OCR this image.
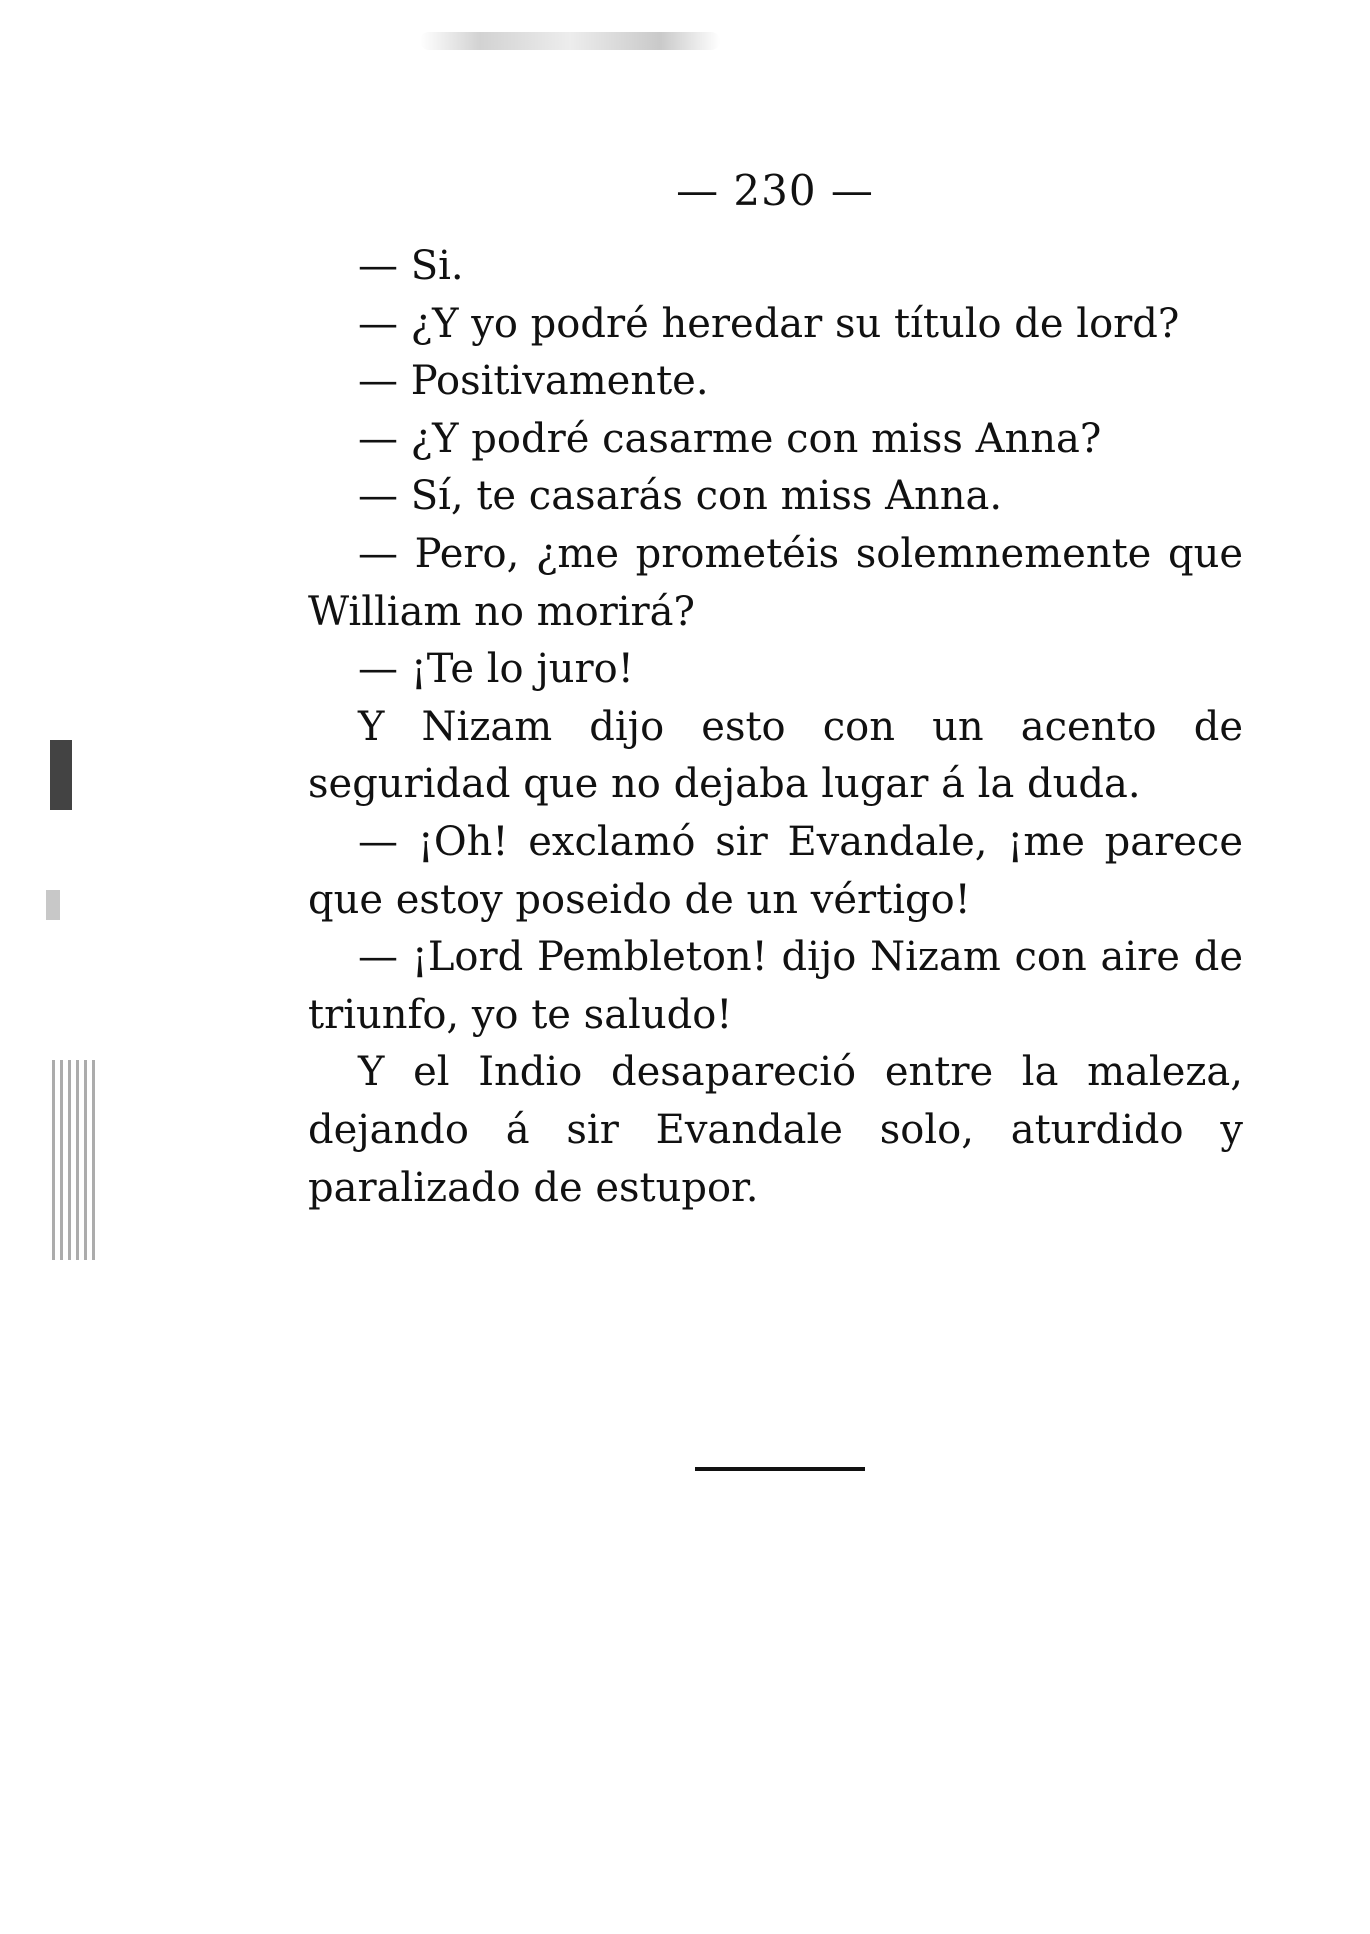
— 230 —

— Si.

— ¿Y yo podré heredar su título de lord?

— Positivamente.

— ¿Y podré casarme con miss Anna?

— Sí, te casarás con miss Anna.

— Pero, ¿me prometéis solemnemente que William no morirá?

— ¡Te lo juro!

Y Nizam dijo esto con un acento de seguridad que no dejaba lugar á la duda.

— ¡Oh! exclamó sir Evandale, ¡me parece que estoy poseido de un vértigo!

— ¡Lord Pembleton! dijo Nizam con aire de triunfo, yo te saludo!

Y el Indio desapareció entre la maleza, dejando á sir Evandale solo, aturdido y paralizado de estupor.
